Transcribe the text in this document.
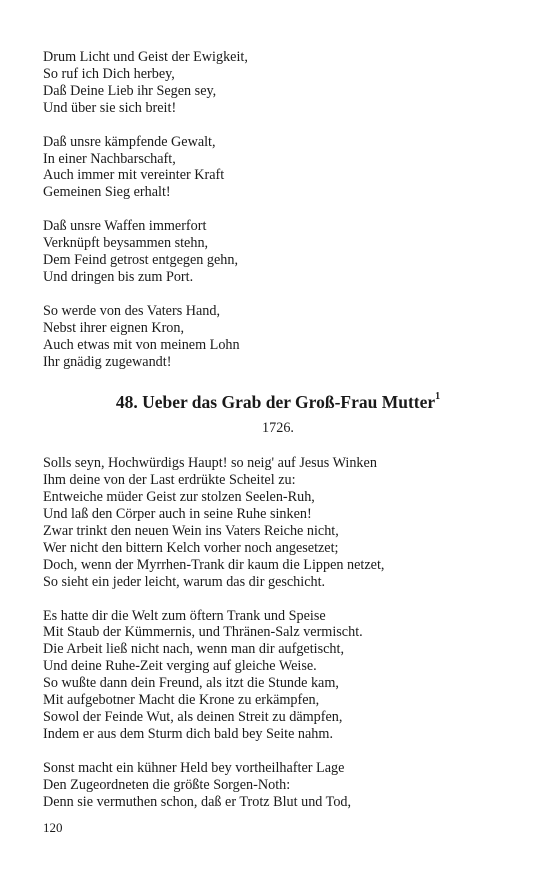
Drum Licht und Geist der Ewigkeit,
So ruf ich Dich herbey,
Daß Deine Lieb ihr Segen sey,
Und über sie sich breit!
Daß unsre kämpfende Gewalt,
In einer Nachbarschaft,
Auch immer mit vereinter Kraft
Gemeinen Sieg erhalt!
Daß unsre Waffen immerfort
Verknüpft beysammen stehn,
Dem Feind getrost entgegen gehn,
Und dringen bis zum Port.
So werde von des Vaters Hand,
Nebst ihrer eignen Kron,
Auch etwas mit von meinem Lohn
Ihr gnädig zugewandt!
48. Ueber das Grab der Groß-Frau Mutter$^1$
1726.
Solls seyn, Hochwürdigs Haupt! so neig' auf Jesus Winken
Ihm deine von der Last erdrükte Scheitel zu:
Entweiche müder Geist zur stolzen Seelen-Ruh,
Und laß den Cörper auch in seine Ruhe sinken!
Zwar trinkt den neuen Wein ins Vaters Reiche nicht,
Wer nicht den bittern Kelch vorher noch angesetzet;
Doch, wenn der Myrrhen-Trank dir kaum die Lippen netzet,
So sieht ein jeder leicht, warum das dir geschicht.
Es hatte dir die Welt zum öftern Trank und Speise
Mit Staub der Kümmernis, und Thränen-Salz vermischt.
Die Arbeit ließ nicht nach, wenn man dir aufgetischt,
Und deine Ruhe-Zeit verging auf gleiche Weise.
So wußte dann dein Freund, als itzt die Stunde kam,
Mit aufgebotner Macht die Krone zu erkämpfen,
Sowol der Feinde Wut, als deinen Streit zu dämpfen,
Indem er aus dem Sturm dich bald bey Seite nahm.
Sonst macht ein kühner Held bey vortheilhafter Lage
Den Zugeordneten die größte Sorgen-Noth:
Denn sie vermuthen schon, daß er Trotz Blut und Tod,
120
